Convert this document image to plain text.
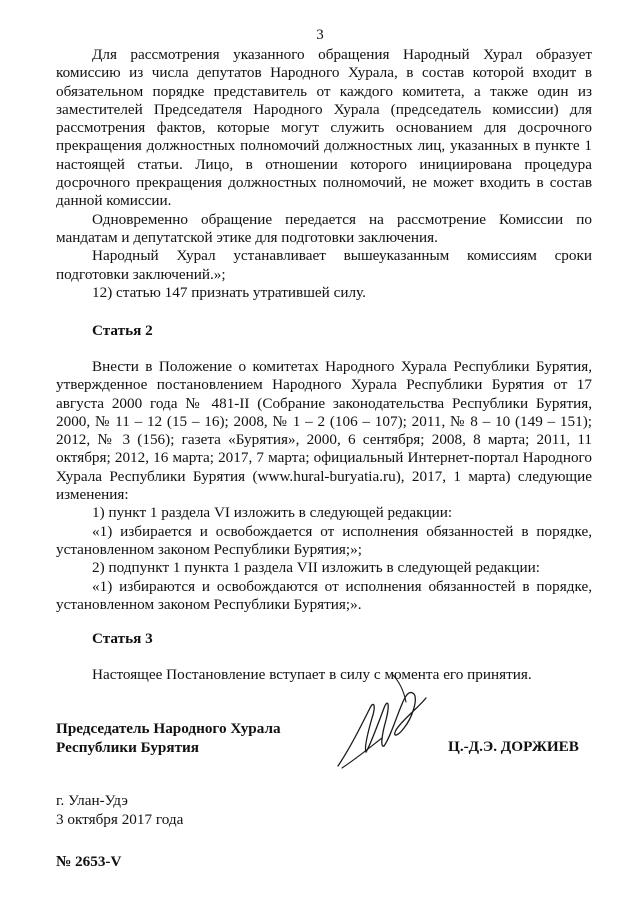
3

Для рассмотрения указанного обращения Народный Хурал образует комиссию из числа депутатов Народного Хурала, в состав которой входит в обязательном порядке представитель от каждого комитета, а также один из заместителей Председателя Народного Хурала (председатель комиссии) для рассмотрения фактов, которые могут служить основанием для досрочного прекращения должностных полномочий должностных лиц, указанных в пункте 1 настоящей статьи. Лицо, в отношении которого инициирована процедура досрочного прекращения должностных полномочий, не может входить в состав данной комиссии.

Одновременно обращение передается на рассмотрение Комиссии по мандатам и депутатской этике для подготовки заключения.

Народный Хурал устанавливает вышеуказанным комиссиям сроки подготовки заключений.»;

12) статью 147 признать утратившей силу.

Статья 2

Внести в Положение о комитетах Народного Хурала Республики Бурятия, утвержденное постановлением Народного Хурала Республики Бурятия от 17 августа 2000 года № 481-II (Собрание законодательства Республики Бурятия, 2000, № 11 – 12 (15 – 16); 2008, № 1 – 2 (106 – 107); 2011, № 8 – 10 (149 – 151); 2012, № 3 (156); газета «Бурятия», 2000, 6 сентября; 2008, 8 марта; 2011, 11 октября; 2012, 16 марта; 2017, 7 марта; официальный Интернет-портал Народного Хурала Республики Бурятия (www.hural-buryatia.ru), 2017, 1 марта) следующие изменения:

1) пункт 1 раздела VI изложить в следующей редакции:

«1) избирается и освобождается от исполнения обязанностей в порядке, установленном законом Республики Бурятия;»;

2) подпункт 1 пункта 1 раздела VII изложить в следующей редакции:

«1) избираются и освобождаются от исполнения обязанностей в порядке, установленном законом Республики Бурятия;».

Статья 3

Настоящее Постановление вступает в силу с момента его принятия.

Председатель Народного Хурала
Республики Бурятия	Ц.-Д.Э. ДОРЖИЕВ
г. Улан-Удэ
3 октября 2017 года
№ 2653-V
